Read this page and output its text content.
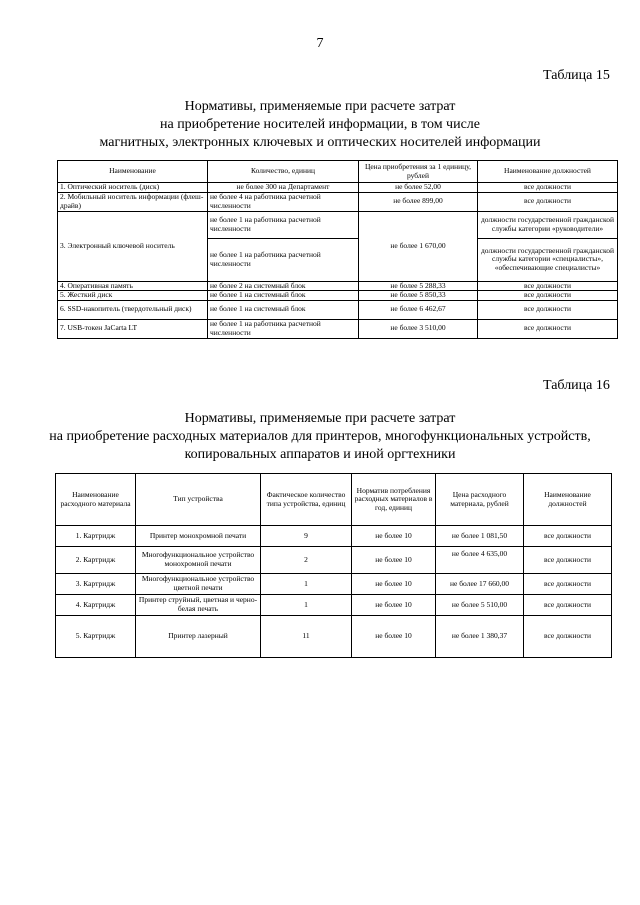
7
Таблица 15
Нормативы, применяемые при расчете затрат
на приобретение носителей информации, в том числе
магнитных, электронных ключевых и оптических носителей информации
Наименование	Количество, единиц	Цена приобретения за 1 единицу, рублей	Наименование должностей
1. Оптический носитель (диск)	не более 300 на Департамент	не более 52,00	все должности
2. Мобильный носитель информации (флеш-драйв)	не более 4 на работника расчетной численности	не более 899,00	все должности
3. Электронный ключевой носитель	не более 1 на работника расчетной численности	не более 1 670,00	должности государственной гражданской службы категории «руководители»
	не более 1 на работника расчетной численности		должности государственной гражданской службы категории «специалисты», «обеспечивающие специалисты»
4. Оперативная память	не более 2 на системный блок	не более 5 288,33	все должности
5. Жесткий диск	не более 1 на системный блок	не более 5 850,33	все должности
6. SSD-накопитель (твердотельный диск)	не более 1 на системный блок	не более 6 462,67	все должности
7. USB-токен JaCarta LT	не более 1 на работника расчетной численности	не более 3 510,00	все должности
Таблица 16
Нормативы, применяемые при расчете затрат
на приобретение расходных материалов для принтеров, многофункциональных устройств,
копировальных аппаратов и иной оргтехники
Наименование расходного материала	Тип устройства	Фактическое количество типа устройства, единиц	Норматив потребления расходных материалов в год, единиц	Цена расходного материала, рублей	Наименование должностей
1. Картридж	Принтер монохромной печати	9	не более 10	не более 1 081,50	все должности
2. Картридж	Многофункциональное устройство монохромной печати	2	не более 10	не более 4 635,00	все должности
3. Картридж	Многофункциональное устройство цветной печати	1	не более 10	не более 17 660,00	все должности
4. Картридж	Принтер струйный, цветная и черно-белая печать	1	не более 10	не более 5 510,00	все должности
5. Картридж	Принтер лазерный	11	не более 10	не более 1 380,37	все должности
